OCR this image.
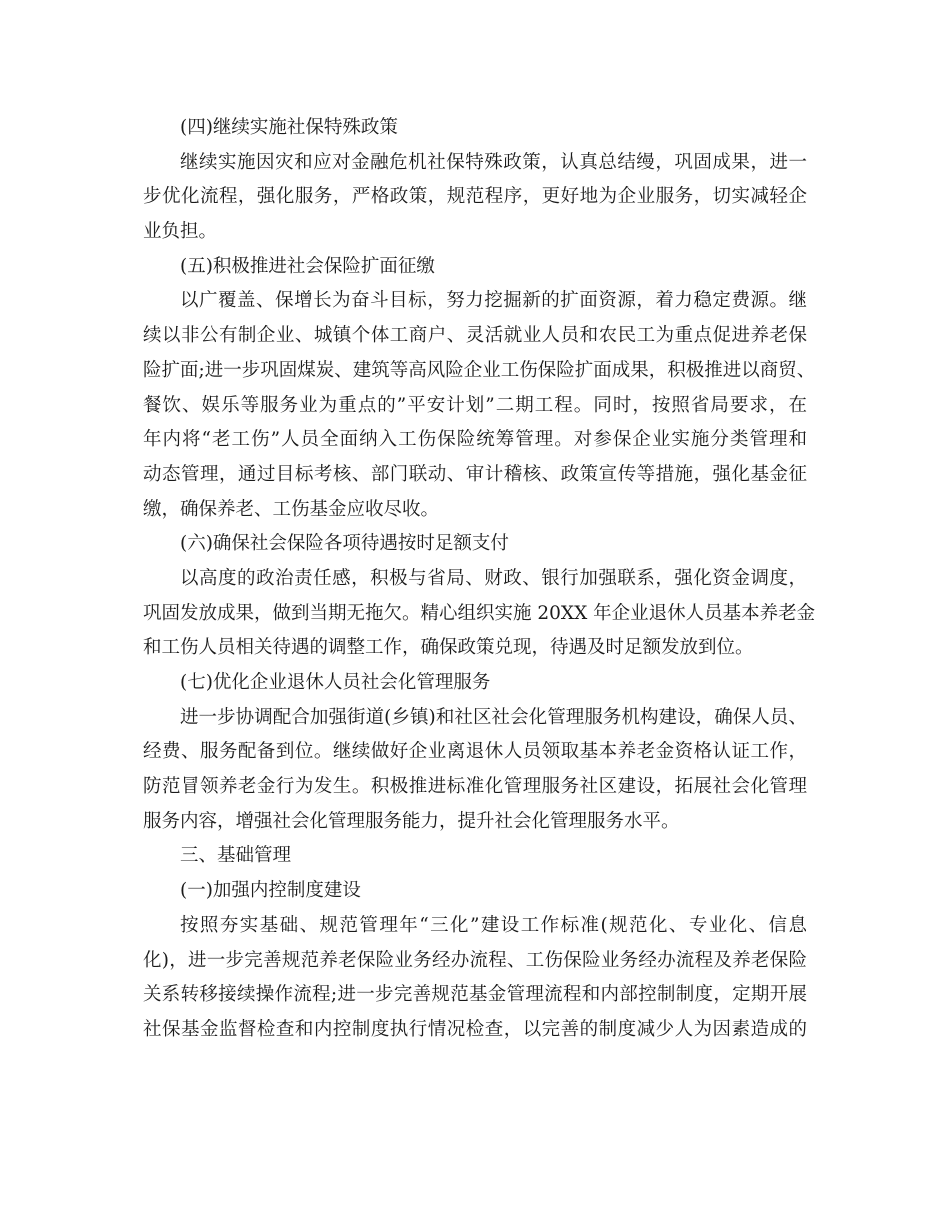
(四)继续实施社保特殊政策
继续实施因灾和应对金融危机社保特殊政策，认真总结缦，巩固成果，进一
步优化流程，强化服务，严格政策，规范程序，更好地为企业服务，切实减轻企
业负担。
(五)积极推进社会保险扩面征缴
以广覆盖、保增长为奋斗目标，努力挖掘新的扩面资源，着力稳定费源。继
续以非公有制企业、城镇个体工商户、灵活就业人员和农民工为重点促进养老保
险扩面;进一步巩固煤炭、建筑等高风险企业工伤保险扩面成果，积极推进以商贸、
餐饮、娱乐等服务业为重点的”平安计划”二期工程。同时，按照省局要求，在
年内将“老工伤”人员全面纳入工伤保险统筹管理。对参保企业实施分类管理和
动态管理，通过目标考核、部门联动、审计稽核、政策宣传等措施，强化基金征
缴，确保养老、工伤基金应收尽收。
(六)确保社会保险各项待遇按时足额支付
以高度的政治责任感，积极与省局、财政、银行加强联系，强化资金调度，
巩固发放成果，做到当期无拖欠。精心组织实施 20XX 年企业退休人员基本养老金
和工伤人员相关待遇的调整工作，确保政策兑现，待遇及时足额发放到位。
(七)优化企业退休人员社会化管理服务
进一步协调配合加强街道(乡镇)和社区社会化管理服务机构建设，确保人员、
经费、服务配备到位。继续做好企业离退休人员领取基本养老金资格认证工作，
防范冒领养老金行为发生。积极推进标准化管理服务社区建设，拓展社会化管理
服务内容，增强社会化管理服务能力，提升社会化管理服务水平。
三、基础管理
(一)加强内控制度建设
按照夯实基础、规范管理年“三化”建设工作标准(规范化、专业化、信息
化)，进一步完善规范养老保险业务经办流程、工伤保险业务经办流程及养老保险
关系转移接续操作流程;进一步完善规范基金管理流程和内部控制制度，定期开展
社保基金监督检查和内控制度执行情况检查，以完善的制度减少人为因素造成的
